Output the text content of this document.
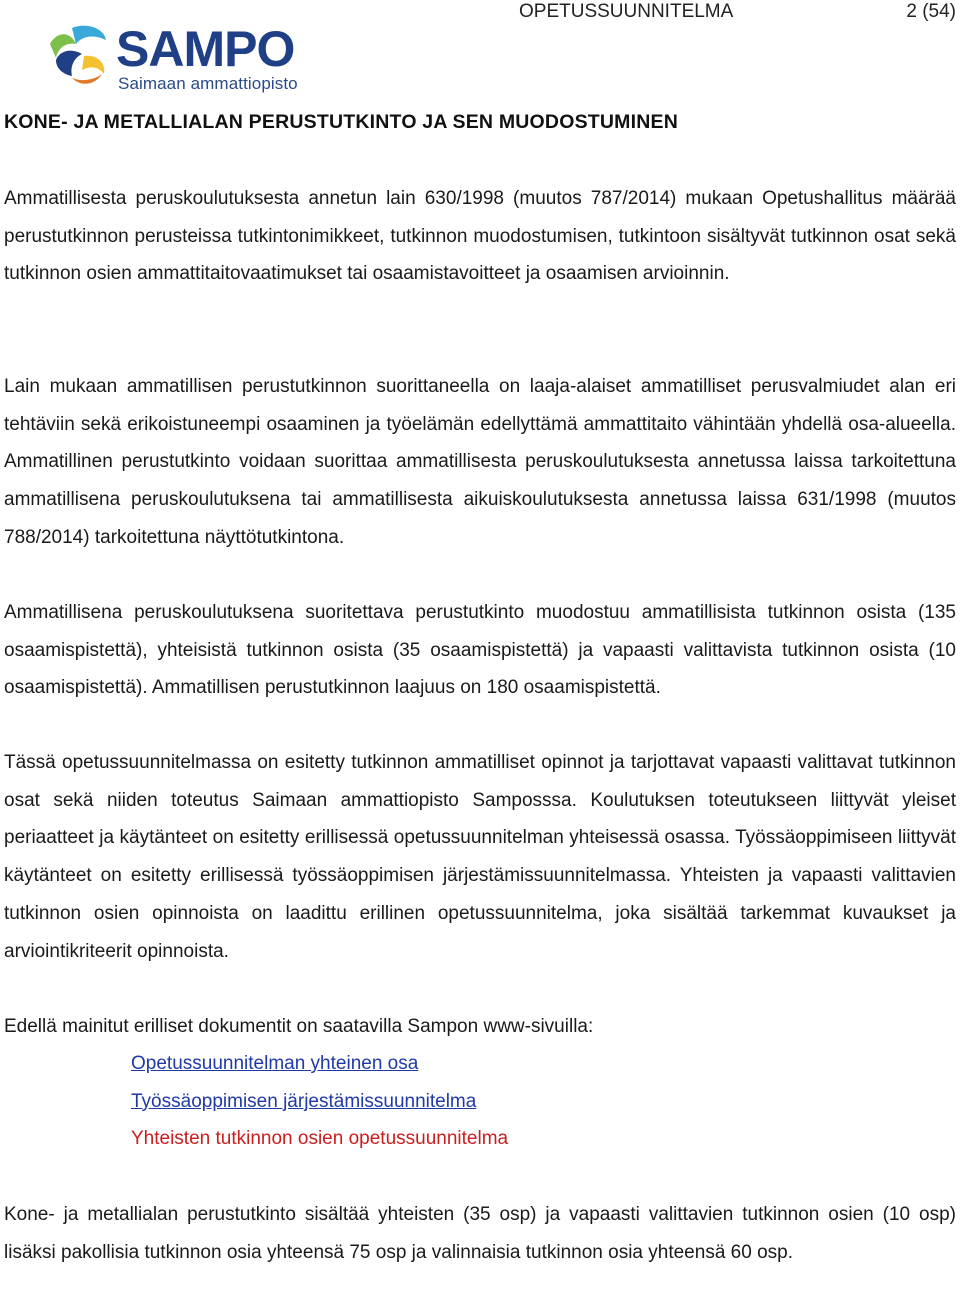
OPETUSSUUNNITELMA	2 (54)
SAMPO
Saimaan ammattiopisto
KONE- JA METALLIALAN PERUSTUTKINTO JA SEN MUODOSTUMINEN
Ammatillisesta peruskoulutuksesta annetun lain 630/1998 (muutos 787/2014) mukaan Opetushallitus määrää perustutkinnon perusteissa tutkintonimikkeet, tutkinnon muodostumisen, tutkintoon sisältyvät tutkinnon osat sekä tutkinnon osien ammattitaitovaatimukset tai osaamistavoitteet ja osaamisen arvioinnin.
Lain mukaan ammatillisen perustutkinnon suorittaneella on laaja-alaiset ammatilliset perusvalmiudet alan eri tehtäviin sekä erikoistuneempi osaaminen ja työelämän edellyttämä ammattitaito vähintään yhdellä osa-alueella. Ammatillinen perustutkinto voidaan suorittaa ammatillisesta peruskoulutuksesta annetussa laissa tarkoitettuna ammatillisena peruskoulutuksena tai ammatillisesta aikuiskoulutuksesta annetussa laissa 631/1998 (muutos 788/2014) tarkoitettuna näyttötutkintona.
Ammatillisena peruskoulutuksena suoritettava perustutkinto muodostuu ammatillisista tutkinnon osista (135 osaamispistettä), yhteisistä tutkinnon osista (35 osaamispistettä) ja vapaasti valittavista tutkinnon osista (10 osaamispistettä). Ammatillisen perustutkinnon laajuus on 180 osaamispistettä.
Tässä opetussuunnitelmassa on esitetty tutkinnon ammatilliset opinnot ja tarjottavat vapaasti valittavat tutkinnon osat sekä niiden toteutus Saimaan ammattiopisto Samposssa. Koulutuksen toteutukseen liittyvät yleiset periaatteet ja käytänteet on esitetty erillisessä opetussuunnitelman yhteisessä osassa. Työssäoppimiseen liittyvät käytänteet on esitetty erillisessä työssäoppimisen järjestämissuunnitelmassa. Yhteisten ja vapaasti valittavien tutkinnon osien opinnoista on laadittu erillinen opetussuunnitelma, joka sisältää tarkemmat kuvaukset ja arviointikriteerit opinnoista.
Edellä mainitut erilliset dokumentit on saatavilla Sampon www-sivuilla:
Opetussuunnitelman yhteinen osa
Työssäoppimisen järjestämissuunnitelma
Yhteisten tutkinnon osien opetussuunnitelma
Kone- ja metallialan perustutkinto sisältää yhteisten (35 osp) ja vapaasti valittavien tutkinnon osien (10 osp) lisäksi pakollisia tutkinnon osia yhteensä 75 osp ja valinnaisia tutkinnon osia yhteensä 60 osp.
